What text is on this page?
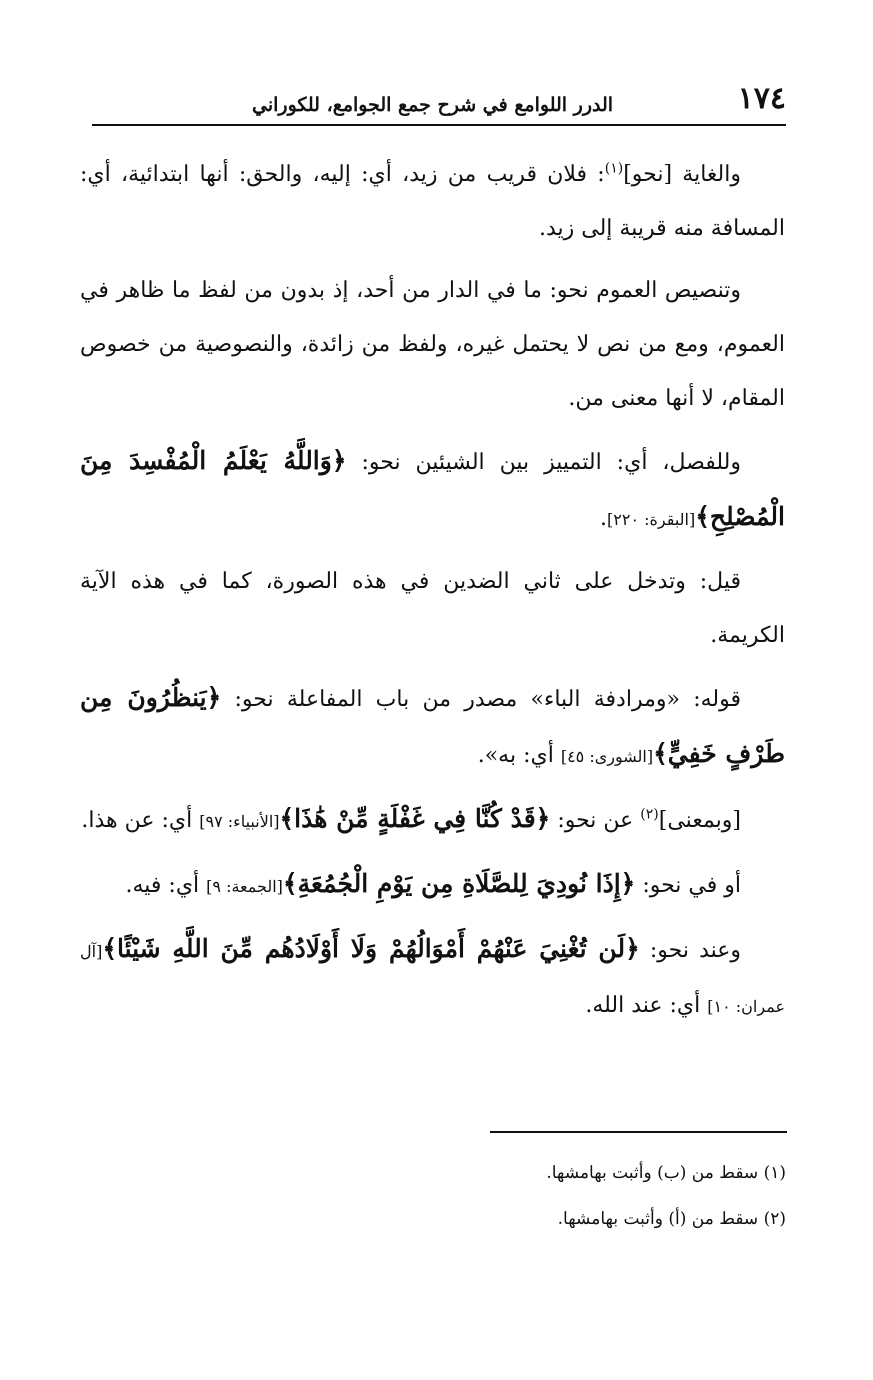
١٧٤
الدرر اللوامع في شرح جمع الجوامع، للكوراني

والغاية [نحو]$^{(١)}$: فلان قريب من زيد، أي: إليه، والحق: أنها ابتدائية، أي: المسافة منه قريبة إلى زيد.

وتنصيص العموم نحو: ما في الدار من أحد، إذ بدون من لفظ ما ظاهر في العموم، ومع من نص لا يحتمل غيره، ولفظ من زائدة، والنصوصية من خصوص المقام، لا أنها معنى من.

وللفصل، أي: التمييز بين الشيئين نحو: ﴿وَاللَّهُ يَعْلَمُ الْمُفْسِدَ مِنَ الْمُصْلِحِ﴾[البقرة: ٢٢٠].

قيل: وتدخل على ثاني الضدين في هذه الصورة، كما في هذه الآية الكريمة.

قوله: «ومرادفة الباء» مصدر من باب المفاعلة نحو: ﴿يَنظُرُونَ مِن طَرْفٍ خَفِيٍّ﴾[الشورى: ٤٥] أي: به».

[وبمعنى]$^{(٢)}$ عن نحو: ﴿قَدْ كُنَّا فِي غَفْلَةٍ مِّنْ هَٰذَا﴾[الأنبياء: ٩٧] أي: عن هذا.

أو في نحو: ﴿إِذَا نُودِيَ لِلصَّلَاةِ مِن يَوْمِ الْجُمُعَةِ﴾[الجمعة: ٩] أي: فيه.

وعند نحو: ﴿لَن تُغْنِيَ عَنْهُمْ أَمْوَالُهُمْ وَلَا أَوْلَادُهُم مِّنَ اللَّهِ شَيْئًا﴾[آل عمران: ١٠] أي: عند الله.

(١) سقط من (ب) وأثبت بهامشها.
(٢) سقط من (أ) وأثبت بهامشها.
